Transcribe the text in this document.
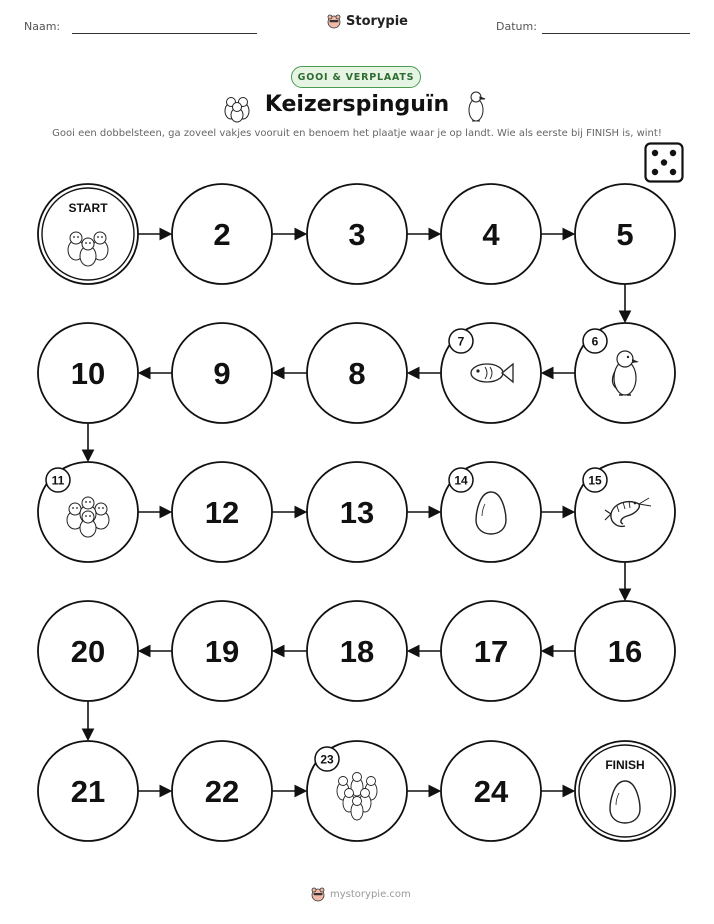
Naam:	Storypie	Datum:
GOOI & VERPLAATS
Keizerspinguïn
Gooi een dobbelsteen, ga zoveel vakjes vooruit en benoem het plaatje waar je op landt. Wie als eerste bij FINISH is, wint!
START
2	3	4	5
6
7
8
9
10
11
12	13
14	15
16
17
18
19
20
21	22
23
24
FINISH
mystorypie.com
